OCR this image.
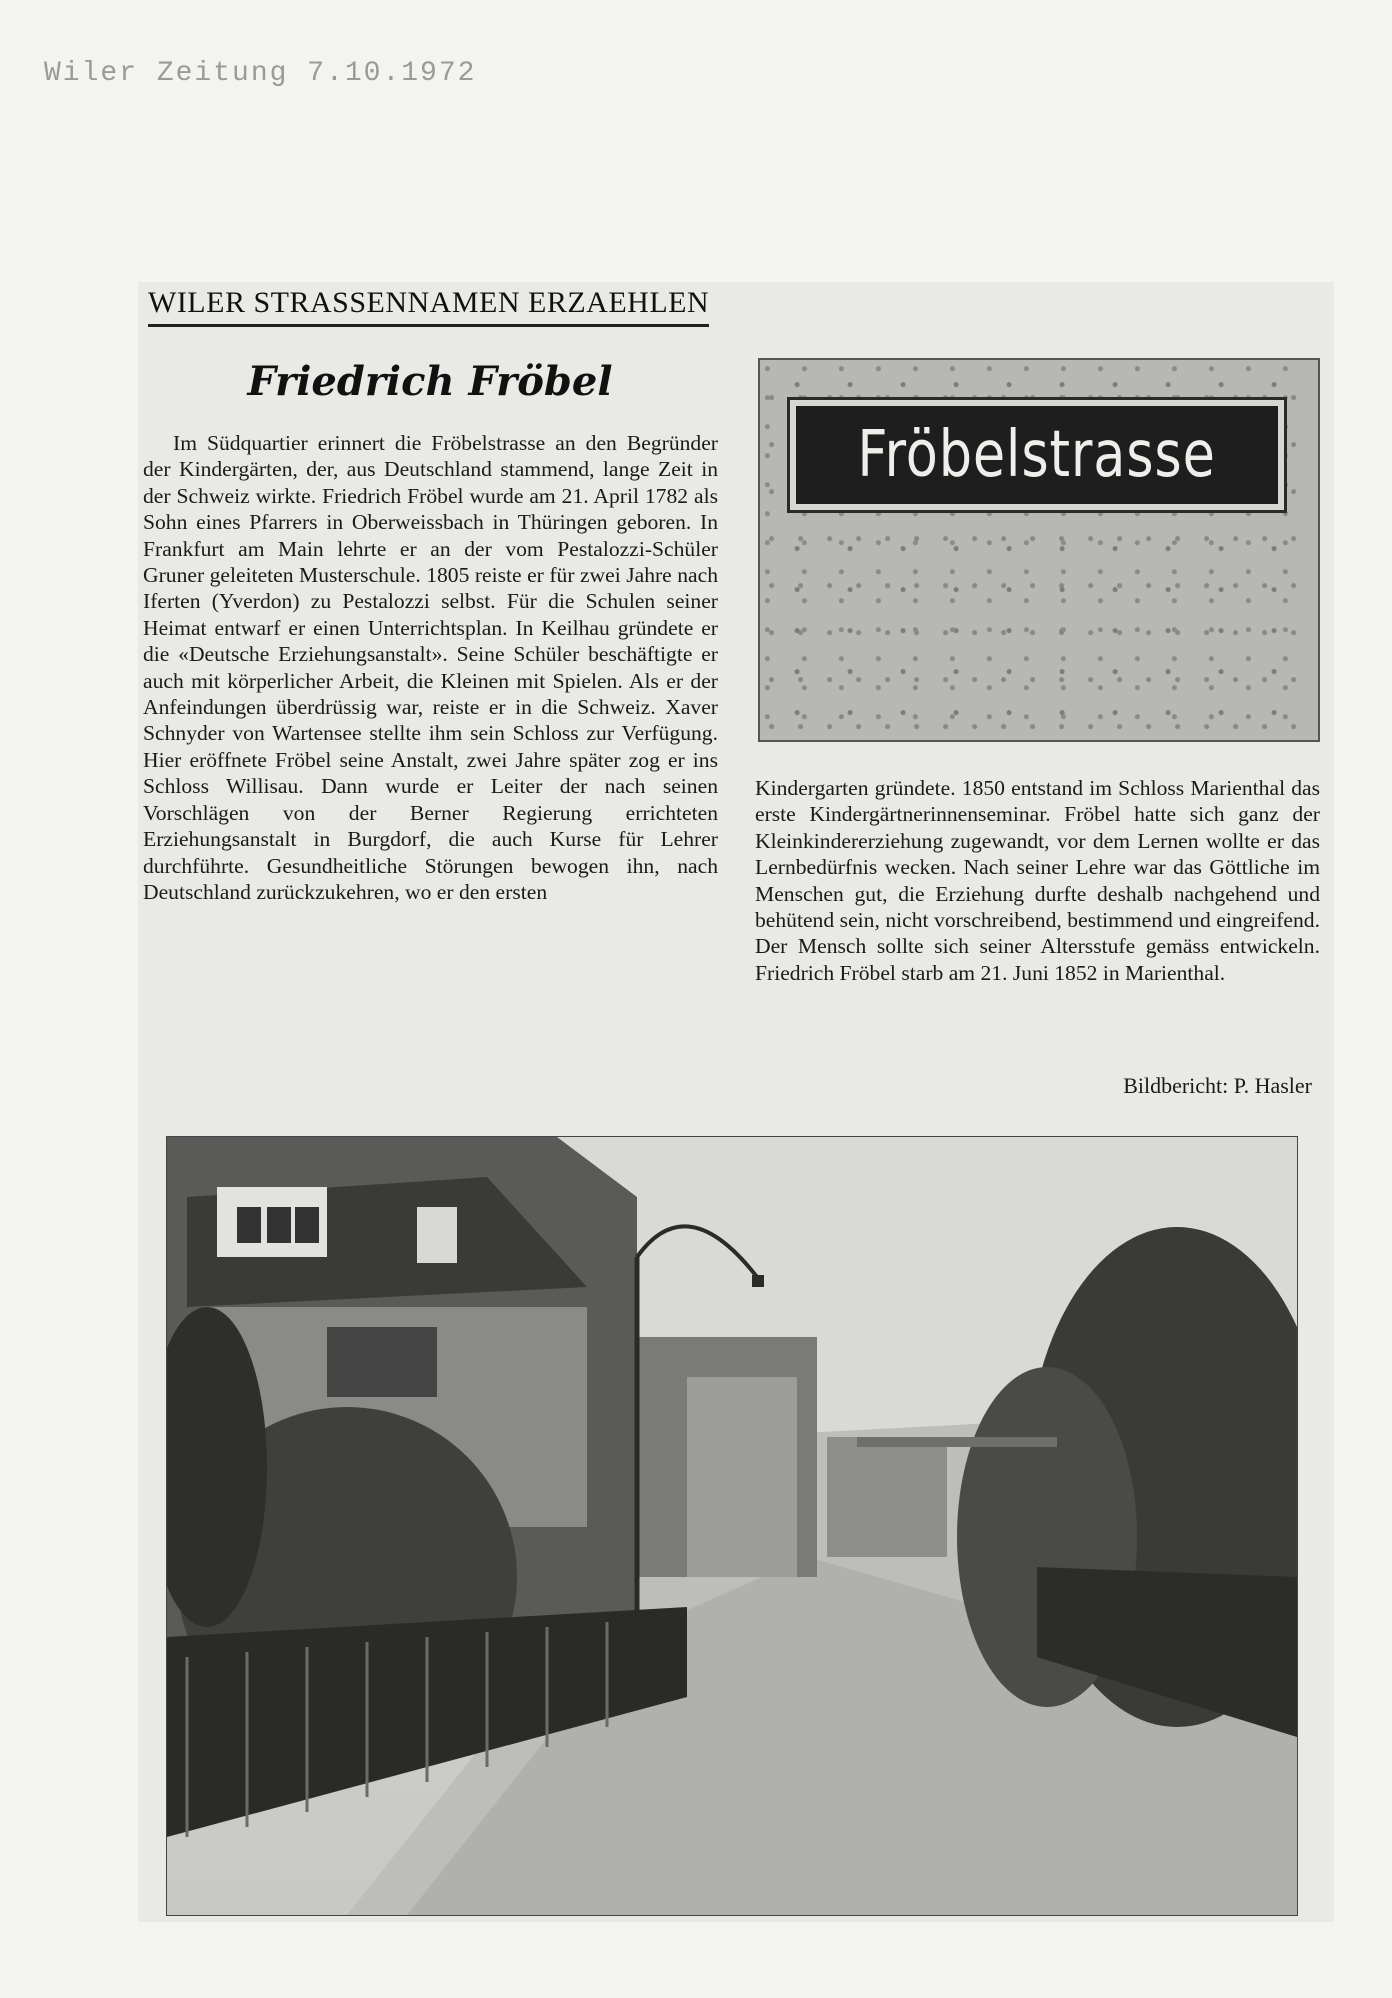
Wiler Zeitung 7.10.1972
WILER STRASSENNAMEN ERZAEHLEN
Friedrich Fröbel
Im Südquartier erinnert die Fröbelstrasse an den Begründer der Kindergärten, der, aus Deutschland stammend, lange Zeit in der Schweiz wirkte. Friedrich Fröbel wurde am 21. April 1782 als Sohn eines Pfarrers in Oberweissbach in Thüringen geboren. In Frankfurt am Main lehrte er an der vom Pestalozzi-Schüler Gruner geleiteten Musterschule. 1805 reiste er für zwei Jahre nach Iferten (Yverdon) zu Pestalozzi selbst. Für die Schulen seiner Heimat entwarf er einen Unterrichtsplan. In Keilhau gründete er die «Deutsche Erziehungsanstalt». Seine Schüler beschäftigte er auch mit körperlicher Arbeit, die Kleinen mit Spielen. Als er der Anfeindungen überdrüssig war, reiste er in die Schweiz. Xaver Schnyder von Wartensee stellte ihm sein Schloss zur Verfügung. Hier eröffnete Fröbel seine Anstalt, zwei Jahre später zog er ins Schloss Willisau. Dann wurde er Leiter der nach seinen Vorschlägen von der Berner Regierung errichteten Erziehungsanstalt in Burgdorf, die auch Kurse für Lehrer durchführte. Gesundheitliche Störungen bewogen ihn, nach Deutschland zurückzukehren, wo er den ersten
Fröbelstrasse
Kindergarten gründete. 1850 entstand im Schloss Marienthal das erste Kindergärtnerinnenseminar. Fröbel hatte sich ganz der Kleinkindererziehung zugewandt, vor dem Lernen wollte er das Lernbedürfnis wecken. Nach seiner Lehre war das Göttliche im Menschen gut, die Erziehung durfte deshalb nachgehend und behütend sein, nicht vorschreibend, bestimmend und eingreifend. Der Mensch sollte sich seiner Altersstufe gemäss entwickeln. Friedrich Fröbel starb am 21. Juni 1852 in Marienthal.
Bildbericht: P. Hasler
